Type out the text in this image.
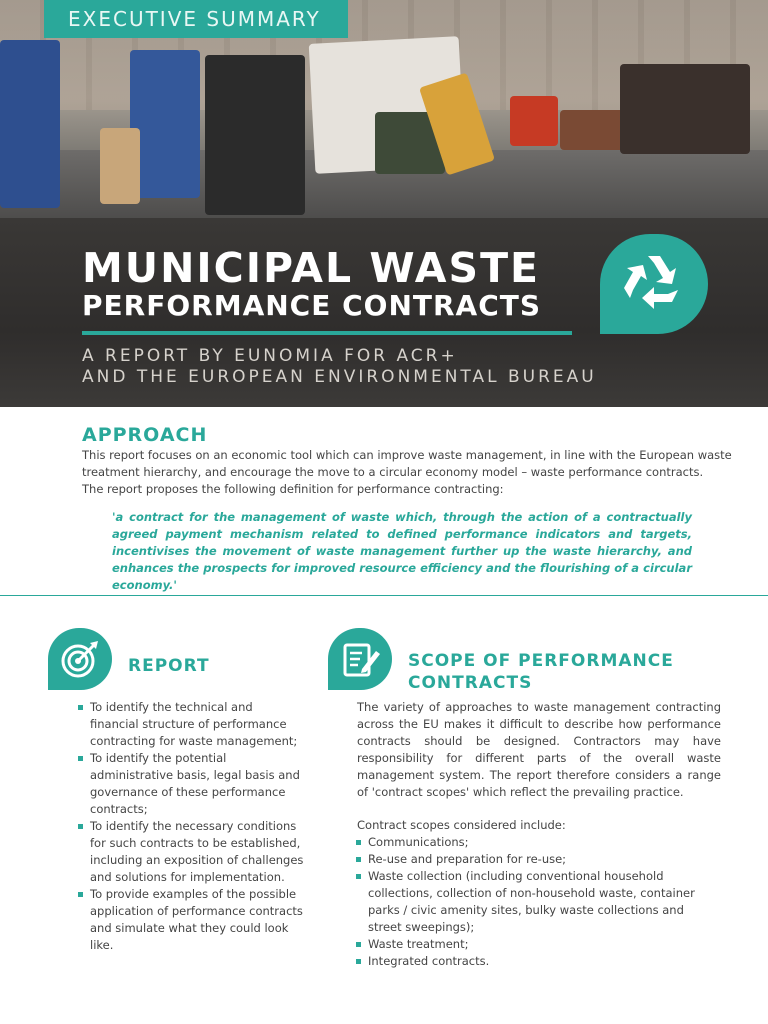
EXECUTIVE SUMMARY
MUNICIPAL WASTE
PERFORMANCE CONTRACTS
A REPORT BY EUNOMIA FOR ACR+
AND THE EUROPEAN ENVIRONMENTAL BUREAU
APPROACH

This report focuses on an economic tool which can improve waste management, in line with the European waste

treatment hierarchy, and encourage the move to a circular economy model – waste performance contracts.

The report proposes the following definition for performance contracting:

'a contract for the management of waste which, through the action of a contractually agreed payment mechanism related to defined performance indicators and targets, incentivises the movement of waste management further up the waste hierarchy, and enhances the prospects for improved resource efficiency and the flourishing of a circular economy.'

REPORT
To identify the technical and financial structure of performance contracting for waste management;
To identify the potential administrative basis, legal basis and governance of these performance contracts;
To identify the necessary conditions for such contracts to be established, including an exposition of challenges and solutions for implementation.
To provide examples of the possible application of performance contracts and simulate what they could look like.
SCOPE OF PERFORMANCE
CONTRACTS

The variety of approaches to waste management contracting across the EU makes it difficult to describe how performance contracts should be designed. Contractors may have responsibility for different parts of the overall waste management system. The report therefore considers a range of 'contract scopes' which reflect the prevailing practice.

Contract scopes considered include:

Communications;
Re-use and preparation for re-use;
Waste collection (including conventional household collections, collection of non-household waste, container parks / civic amenity sites, bulky waste collections and street sweepings);
Waste treatment;
Integrated contracts.
